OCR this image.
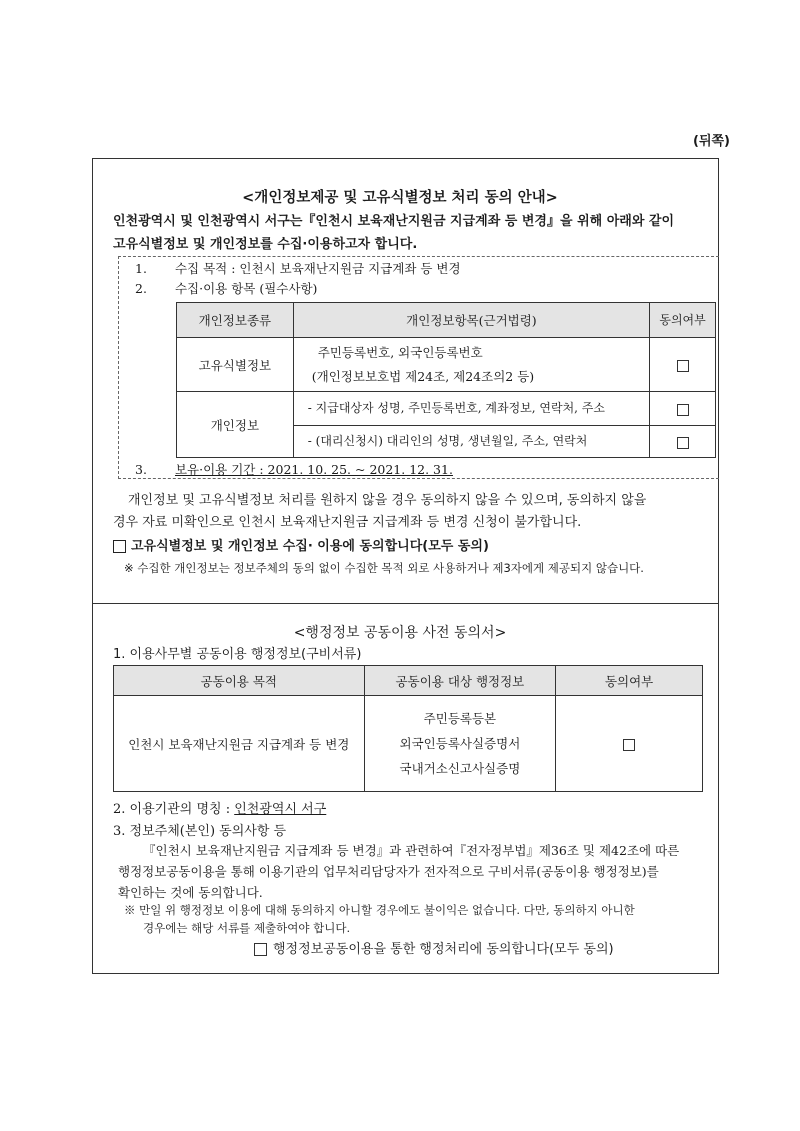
(뒤쪽)
<개인정보제공 및 고유식별정보 처리 동의 안내>
인천광역시 및 인천광역시 서구는『인천시 보육재난지원금 지급계좌 등 변경』을 위해 아래와 같이
고유식별정보 및 개인정보를 수집·이용하고자 합니다.
1. 수집 목적 : 인천시 보육재난지원금 지급계좌 등 변경
2. 수집·이용 항목 (필수사항)
개인정보종류	개인정보항목(근거법령)	동의여부
고유식별정보	주민등록번호, 외국인등록번호
(개인정보보호법 제24조, 제24조의2 등)	

개인정보	- 지급대상자 성명, 주민등록번호, 계좌정보, 연락처, 주소	
	- (대리신청시) 대리인의 성명, 생년월일, 주소, 연락처	
3. 보유·이용 기간 : 2021. 10. 25. ~ 2021. 12. 31.
개인정보 및 고유식별정보 처리를 원하지 않을 경우 동의하지 않을 수 있으며, 동의하지 않을
경우 자료 미확인으로 인천시 보육재난지원금 지급계좌 등 변경 신청이 불가합니다.
고유식별정보 및 개인정보 수집· 이용에 동의합니다(모두 동의)
※ 수집한 개인정보는 정보주체의 동의 없이 수집한 목적 외로 사용하거나 제3자에게 제공되지 않습니다.
<행정정보 공동이용 사전 동의서>
1. 이용사무별 공동이용 행정정보(구비서류)
공동이용 목적	공동이용 대상 행정정보	동의여부
인천시 보육재난지원금 지급계좌 등 변경	주민등록등본
외국인등록사실증명서
국내거소신고사실증명	

2. 이용기관의 명칭 : 인천광역시 서구
3. 정보주체(본인) 동의사항 등
『인천시 보육재난지원금 지급계좌 등 변경』과 관련하여『전자정부법』제36조 및 제42조에 따른
행정정보공동이용을 통해 이용기관의 업무처리담당자가 전자적으로 구비서류(공동이용 행정정보)를
확인하는 것에 동의합니다.
※ 만일 위 행정정보 이용에 대해 동의하지 아니할 경우에도 불이익은 없습니다. 다만, 동의하지 아니한
경우에는 해당 서류를 제출하여야 합니다.
행정정보공동이용을 통한 행정처리에 동의합니다(모두 동의)
